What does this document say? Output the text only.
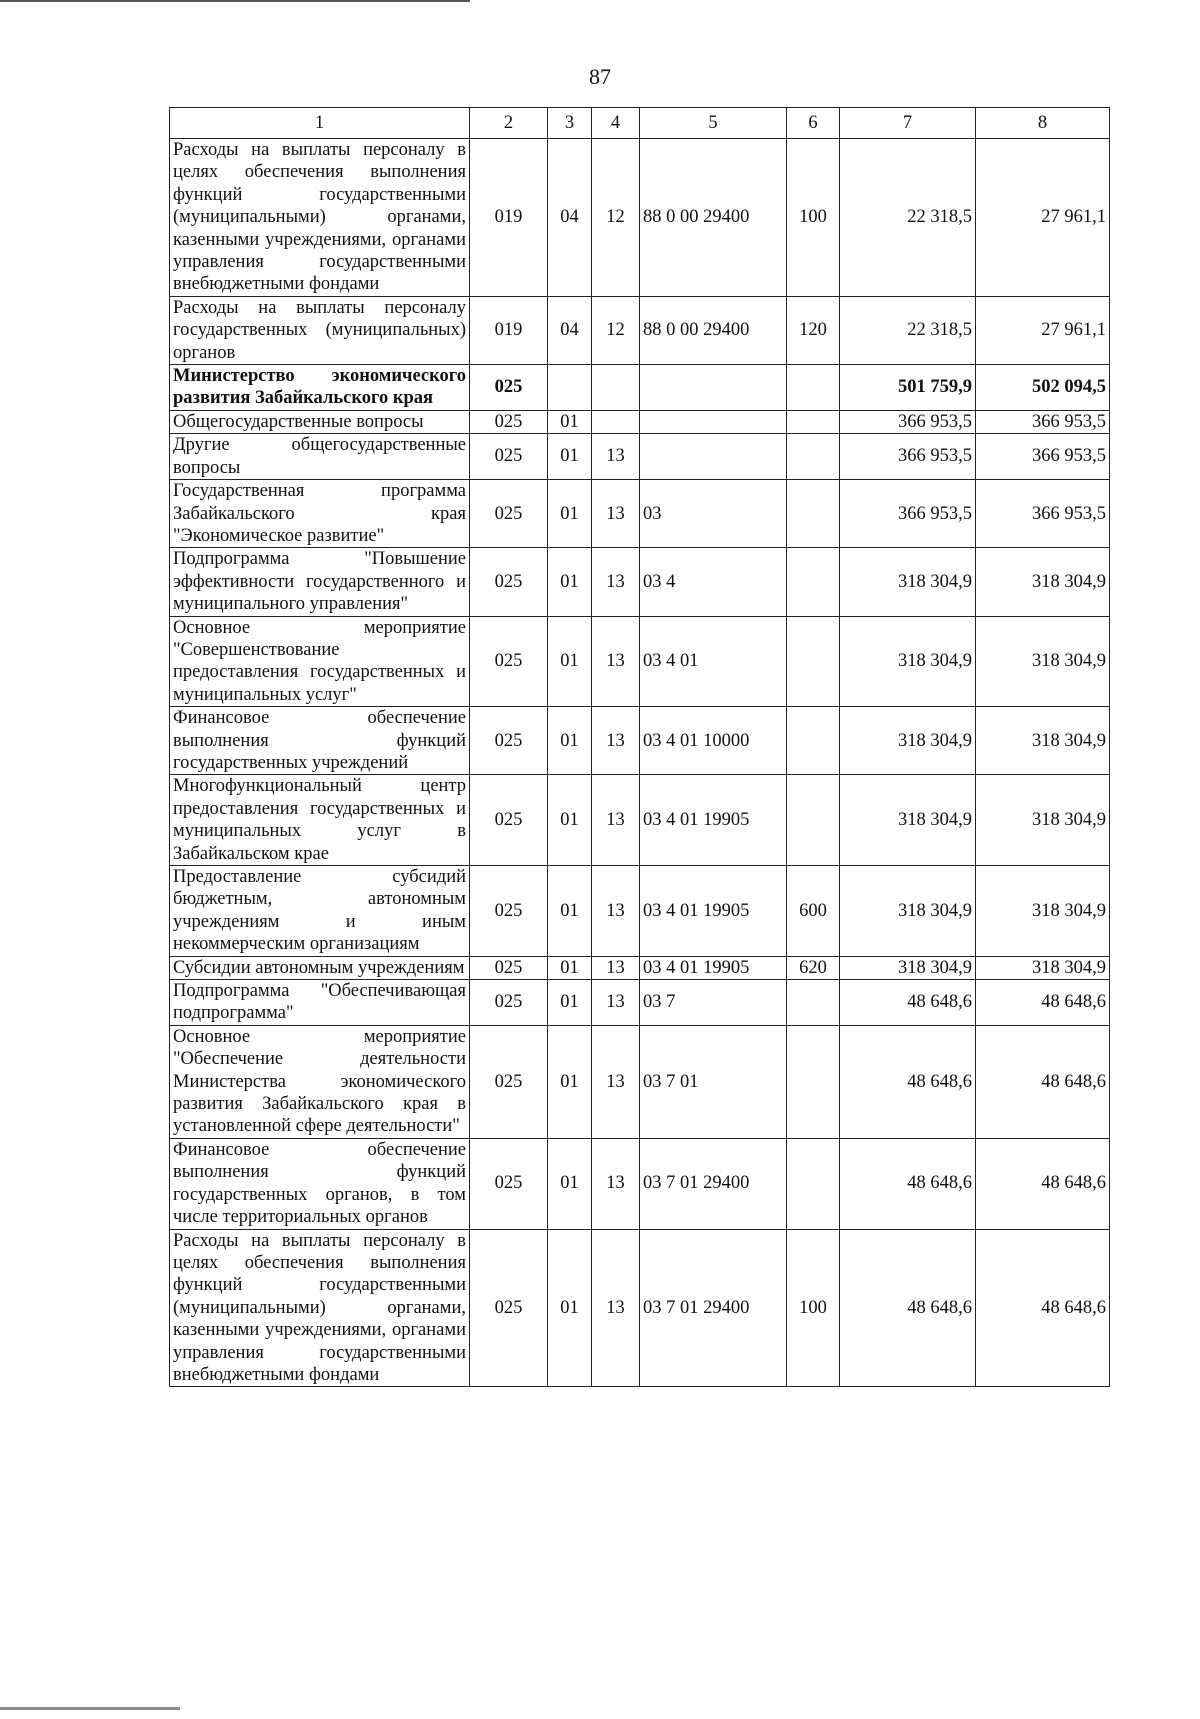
87
1	2	3	4	5	6	7	8
Расходы на выплаты персоналу в целях обеспечения выполнения функций государственными (муниципальными) органами, казенными учреждениями, органами управления государственными внебюджетными фондами	019	04	12	88 0 00 29400	100	22 318,5	27 961,1
Расходы на выплаты персоналу государственных (муниципальных) органов	019	04	12	88 0 00 29400	120	22 318,5	27 961,1
Министерство экономического развития Забайкальского края	025					501 759,9	502 094,5
Общегосударственные вопросы	025	01				366 953,5	366 953,5
Другие общегосударственные вопросы	025	01	13			366 953,5	366 953,5
Государственная программа Забайкальского края "Экономическое развитие"	025	01	13	03		366 953,5	366 953,5
Подпрограмма "Повышение эффективности государственного и муниципального управления"	025	01	13	03 4		318 304,9	318 304,9
Основное мероприятие "Совершенствование предоставления государственных и муниципальных услуг"	025	01	13	03 4 01		318 304,9	318 304,9
Финансовое обеспечение выполнения функций государственных учреждений	025	01	13	03 4 01 10000		318 304,9	318 304,9
Многофункциональный центр предоставления государственных и муниципальных услуг в Забайкальском крае	025	01	13	03 4 01 19905		318 304,9	318 304,9
Предоставление субсидий бюджетным, автономным учреждениям и иным некоммерческим организациям	025	01	13	03 4 01 19905	600	318 304,9	318 304,9
Субсидии автономным учреждениям	025	01	13	03 4 01 19905	620	318 304,9	318 304,9
Подпрограмма "Обеспечивающая подпрограмма"	025	01	13	03 7		48 648,6	48 648,6
Основное мероприятие "Обеспечение деятельности Министерства экономического развития Забайкальского края в установленной сфере деятельности"	025	01	13	03 7 01		48 648,6	48 648,6
Финансовое обеспечение выполнения функций государственных органов, в том числе территориальных органов	025	01	13	03 7 01 29400		48 648,6	48 648,6
Расходы на выплаты персоналу в целях обеспечения выполнения функций государственными (муниципальными) органами, казенными учреждениями, органами управления государственными внебюджетными фондами	025	01	13	03 7 01 29400	100	48 648,6	48 648,6
